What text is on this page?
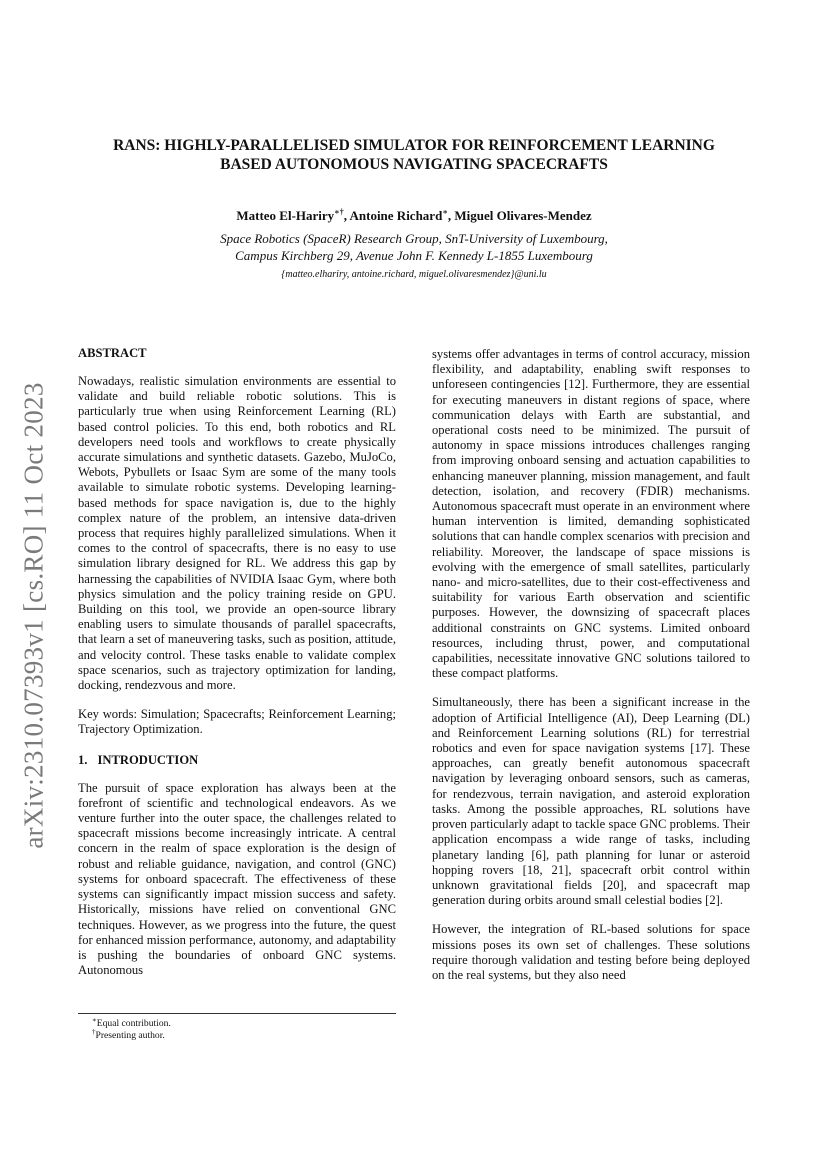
arXiv:2310.07393v1 [cs.RO] 11 Oct 2023
RANS: HIGHLY-PARALLELISED SIMULATOR FOR REINFORCEMENT LEARNING
BASED AUTONOMOUS NAVIGATING SPACECRAFTS
Matteo El-Hariry∗†, Antoine Richard∗, Miguel Olivares-Mendez
Space Robotics (SpaceR) Research Group, SnT-University of Luxembourg,
Campus Kirchberg 29, Avenue John F. Kennedy L-1855 Luxembourg
{matteo.elhariry, antoine.richard, miguel.olivaresmendez}@uni.lu
ABSTRACT

Nowadays, realistic simulation environments are essential to validate and build reliable robotic solutions. This is particularly true when using Reinforcement Learning (RL) based control policies. To this end, both robotics and RL developers need tools and workflows to create physically accurate simulations and synthetic datasets. Gazebo, MuJoCo, Webots, Pybullets or Isaac Sym are some of the many tools available to simulate robotic systems. Developing learning-based methods for space navigation is, due to the highly complex nature of the problem, an intensive data-driven process that requires highly parallelized simulations. When it comes to the control of spacecrafts, there is no easy to use simulation library designed for RL. We address this gap by harnessing the capabilities of NVIDIA Isaac Gym, where both physics simulation and the policy training reside on GPU. Building on this tool, we provide an open-source library enabling users to simulate thousands of parallel spacecrafts, that learn a set of maneuvering tasks, such as position, attitude, and velocity control. These tasks enable to validate complex space scenarios, such as trajectory optimization for landing, docking, rendezvous and more.

Key words: Simulation; Spacecrafts; Reinforcement Learning; Trajectory Optimization.

1. INTRODUCTION

The pursuit of space exploration has always been at the forefront of scientific and technological endeavors. As we venture further into the outer space, the challenges related to spacecraft missions become increasingly intricate. A central concern in the realm of space exploration is the design of robust and reliable guidance, navigation, and control (GNC) systems for onboard spacecraft. The effectiveness of these systems can significantly impact mission success and safety. Historically, missions have relied on conventional GNC techniques. However, as we progress into the future, the quest for enhanced mission performance, autonomy, and adaptability is pushing the boundaries of onboard GNC systems. Autonomous

systems offer advantages in terms of control accuracy, mission flexibility, and adaptability, enabling swift responses to unforeseen contingencies [12]. Furthermore, they are essential for executing maneuvers in distant regions of space, where communication delays with Earth are substantial, and operational costs need to be minimized. The pursuit of autonomy in space missions introduces challenges ranging from improving onboard sensing and actuation capabilities to enhancing maneuver planning, mission management, and fault detection, isolation, and recovery (FDIR) mechanisms. Autonomous spacecraft must operate in an environment where human intervention is limited, demanding sophisticated solutions that can handle complex scenarios with precision and reliability. Moreover, the landscape of space missions is evolving with the emergence of small satellites, particularly nano- and micro-satellites, due to their cost-effectiveness and suitability for various Earth observation and scientific purposes. However, the downsizing of spacecraft places additional constraints on GNC systems. Limited onboard resources, including thrust, power, and computational capabilities, necessitate innovative GNC solutions tailored to these compact platforms.

Simultaneously, there has been a significant increase in the adoption of Artificial Intelligence (AI), Deep Learning (DL) and Reinforcement Learning solutions (RL) for terrestrial robotics and even for space navigation systems [17]. These approaches, can greatly benefit autonomous spacecraft navigation by leveraging onboard sensors, such as cameras, for rendezvous, terrain navigation, and asteroid exploration tasks. Among the possible approaches, RL solutions have proven particularly adapt to tackle space GNC problems. Their application encompass a wide range of tasks, including planetary landing [6], path planning for lunar or asteroid hopping rovers [18, 21], spacecraft orbit control within unknown gravitational fields [20], and spacecraft map generation during orbits around small celestial bodies [2].

However, the integration of RL-based solutions for space missions poses its own set of challenges. These solutions require thorough validation and testing before being deployed on the real systems, but they also need

∗Equal contribution.
†Presenting author.
